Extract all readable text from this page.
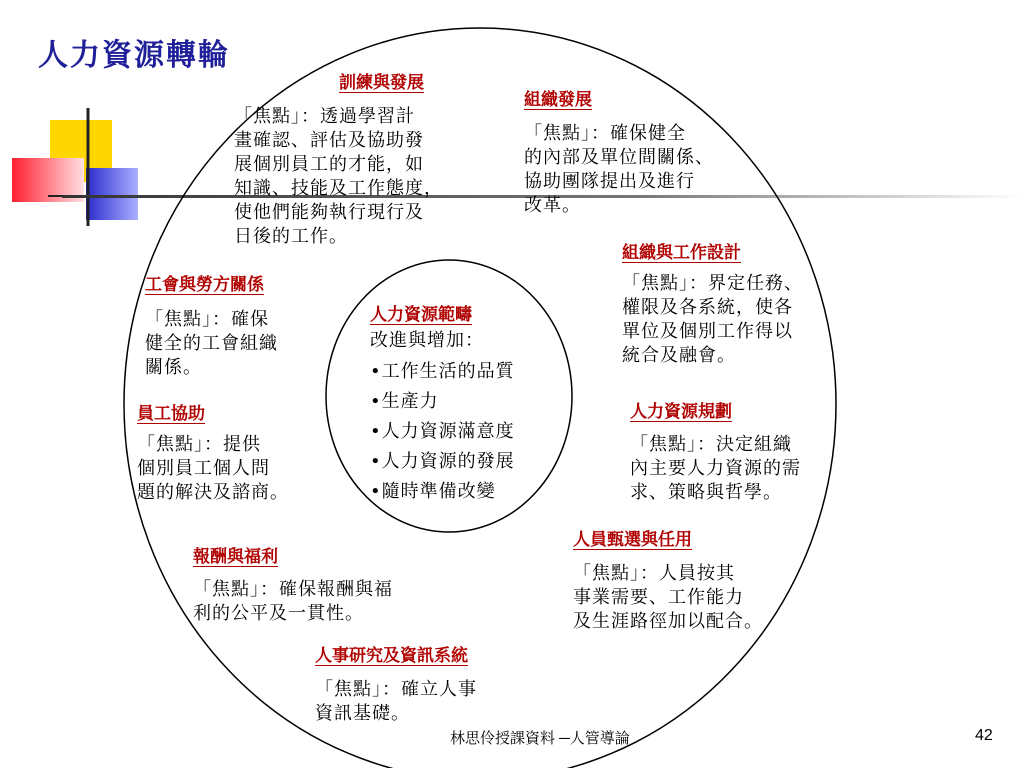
人力資源轉輪
人力資源範疇
改進與增加：
• 工作生活的品質
• 生產力
• 人力資源滿意度
• 人力資源的發展
• 隨時準備改變
訓練與發展
「焦點」：透過學習計
畫確認、評估及協助發
展個別員工的才能，如
知識、技能及工作態度，
使他們能夠執行現行及
日後的工作。
組織發展
「焦點」：確保健全
的內部及單位間關係、
協助團隊提出及進行
改革。
組織與工作設計
「焦點」：界定任務、
權限及各系統，使各
單位及個別工作得以
統合及融會。
人力資源規劃
「焦點」：決定組織
內主要人力資源的需
求、策略與哲學。
人員甄選與任用
「焦點」：人員按其
事業需要、工作能力
及生涯路徑加以配合。
人事研究及資訊系統
「焦點」：確立人事
資訊基礎。
報酬與福利
「焦點」：確保報酬與福
利的公平及一貫性。
員工協助
「焦點」：提供
個別員工個人問
題的解決及諮商。
工會與勞方關係
「焦點」：確保
健全的工會組織
關係。
林思伶授課資料 ─人管導論	42
